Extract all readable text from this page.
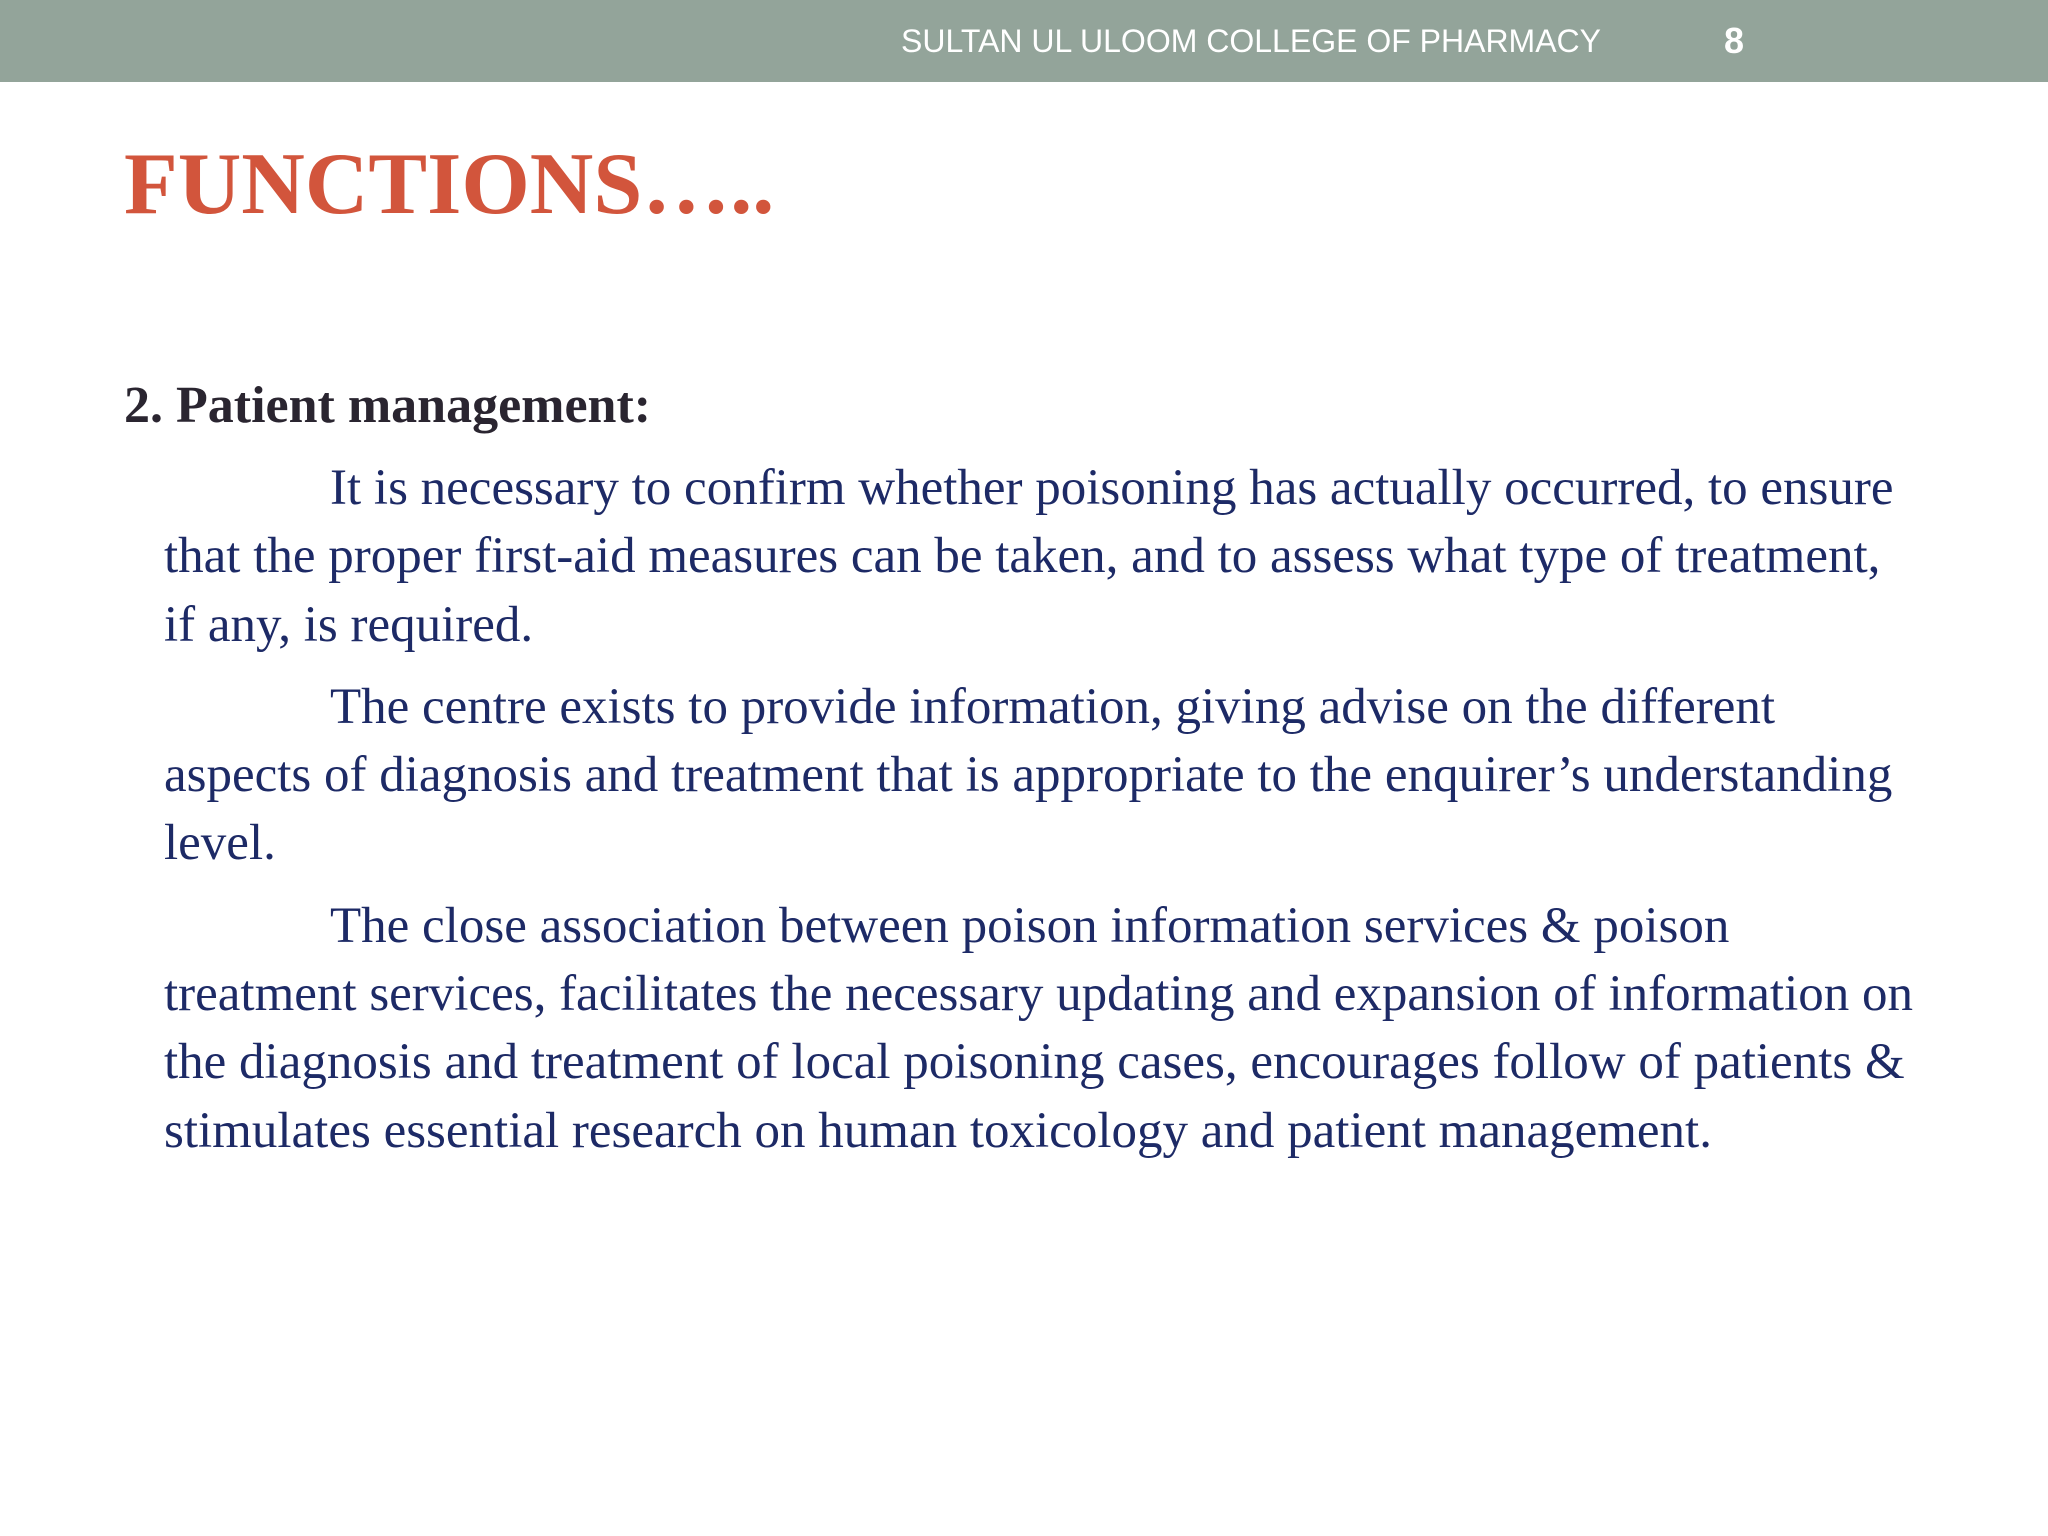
SULTAN UL ULOOM COLLEGE OF PHARMACY	8
FUNCTIONS…..
2. Patient management:

It is necessary to confirm whether poisoning has actually occurred, to ensure that the proper first-aid measures can be taken, and to assess what type of treatment, if any, is required.

The centre exists to provide information, giving advise on the different aspects of diagnosis and treatment that is appropriate to the enquirer’s understanding level.

The close association between poison information services & poison treatment services, facilitates the necessary updating and expansion of information on the diagnosis and treatment of local poisoning cases, encourages follow of patients & stimulates essential research on human toxicology and patient management.
